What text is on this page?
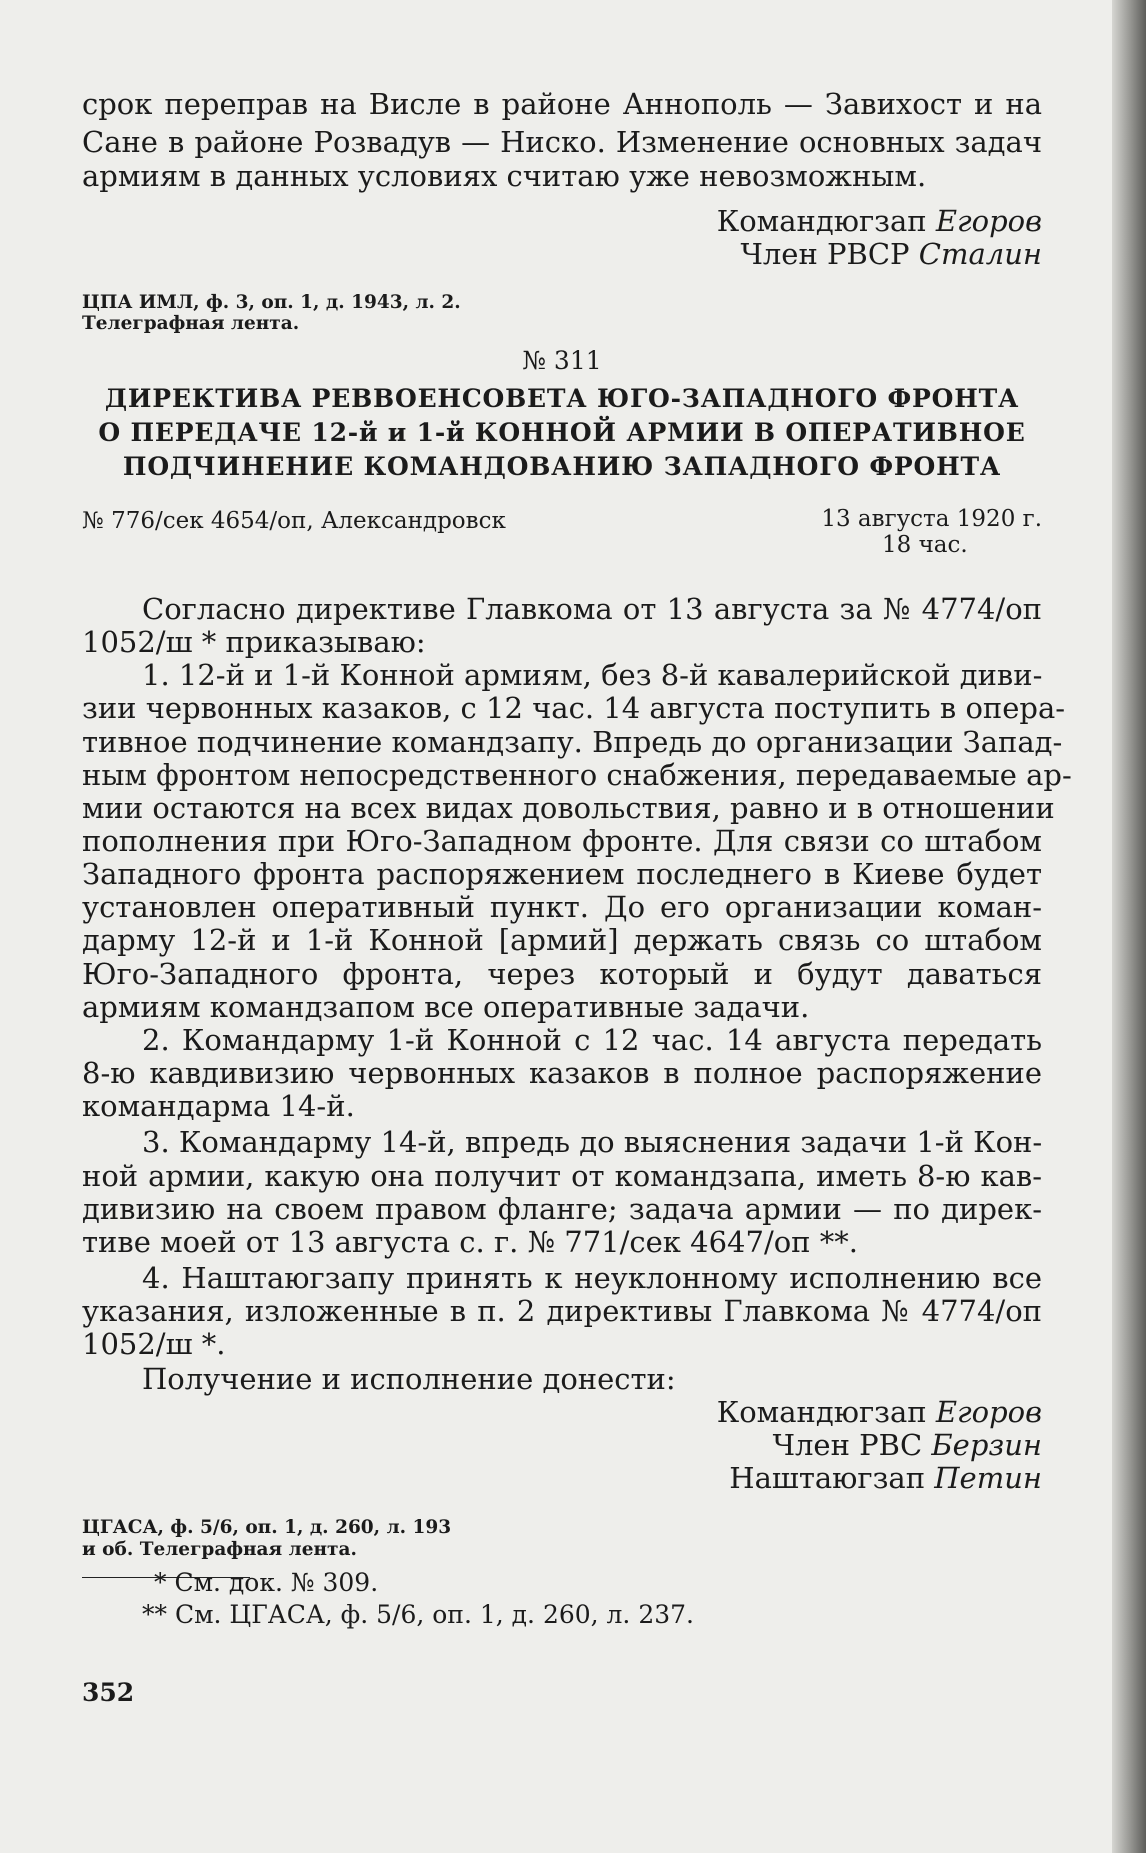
срок переправ на Висле в районе Аннополь — Завихост и на
Сане в районе Розвадув — Ниско. Изменение основных задач
армиям в данных условиях считаю уже невозможным.
Командюгзап Егоров
Член РВСР Сталин
ЦПА ИМЛ, ф. 3, оп. 1, д. 1943, л. 2.
Телеграфная лента.
№ 311
ДИРЕКТИВА РЕВВОЕНСОВЕТА ЮГО-ЗАПАДНОГО ФРОНТА
О ПЕРЕДАЧЕ 12-й и 1-й КОННОЙ АРМИИ В ОПЕРАТИВНОЕ
ПОДЧИНЕНИЕ КОМАНДОВАНИЮ ЗАПАДНОГО ФРОНТА
№ 776/сек 4654/оп, Александровск	13 августа 1920 г.
18 час.
Согласно директиве Главкома от 13 августа за № 4774/оп
1052/ш * приказываю:
1. 12-й и 1-й Конной армиям, без 8-й кавалерийской диви-
зии червонных казаков, с 12 час. 14 августа поступить в опера-
тивное подчинение командзапу. Впредь до организации Запад-
ным фронтом непосредственного снабжения, передаваемые ар-
мии остаются на всех видах довольствия, равно и в отношении
пополнения при Юго-Западном фронте. Для связи со штабом
Западного фронта распоряжением последнего в Киеве будет
установлен оперативный пункт. До его организации коман-
дарму 12-й и 1-й Конной [армий] держать связь со штабом
Юго-Западного фронта, через который и будут даваться
армиям командзапом все оперативные задачи.
2. Командарму 1-й Конной с 12 час. 14 августа передать
8-ю кавдивизию червонных казаков в полное распоряжение
командарма 14-й.
3. Командарму 14-й, впредь до выяснения задачи 1-й Кон-
ной армии, какую она получит от командзапа, иметь 8-ю кав-
дивизию на своем правом фланге; задача армии — по дирек-
тиве моей от 13 августа с. г. № 771/сек 4647/оп **.
4. Наштаюгзапу принять к неуклонному исполнению все
указания, изложенные в п. 2 директивы Главкома № 4774/оп
1052/ш *.
Получение и исполнение донести:
Командюгзап Егоров
Член РВС Берзин
Наштаюгзап Петин
ЦГАСА, ф. 5/6, оп. 1, д. 260, л. 193
и об. Телеграфная лента.
* См. док. № 309.
** См. ЦГАСА, ф. 5/6, оп. 1, д. 260, л. 237.
352
